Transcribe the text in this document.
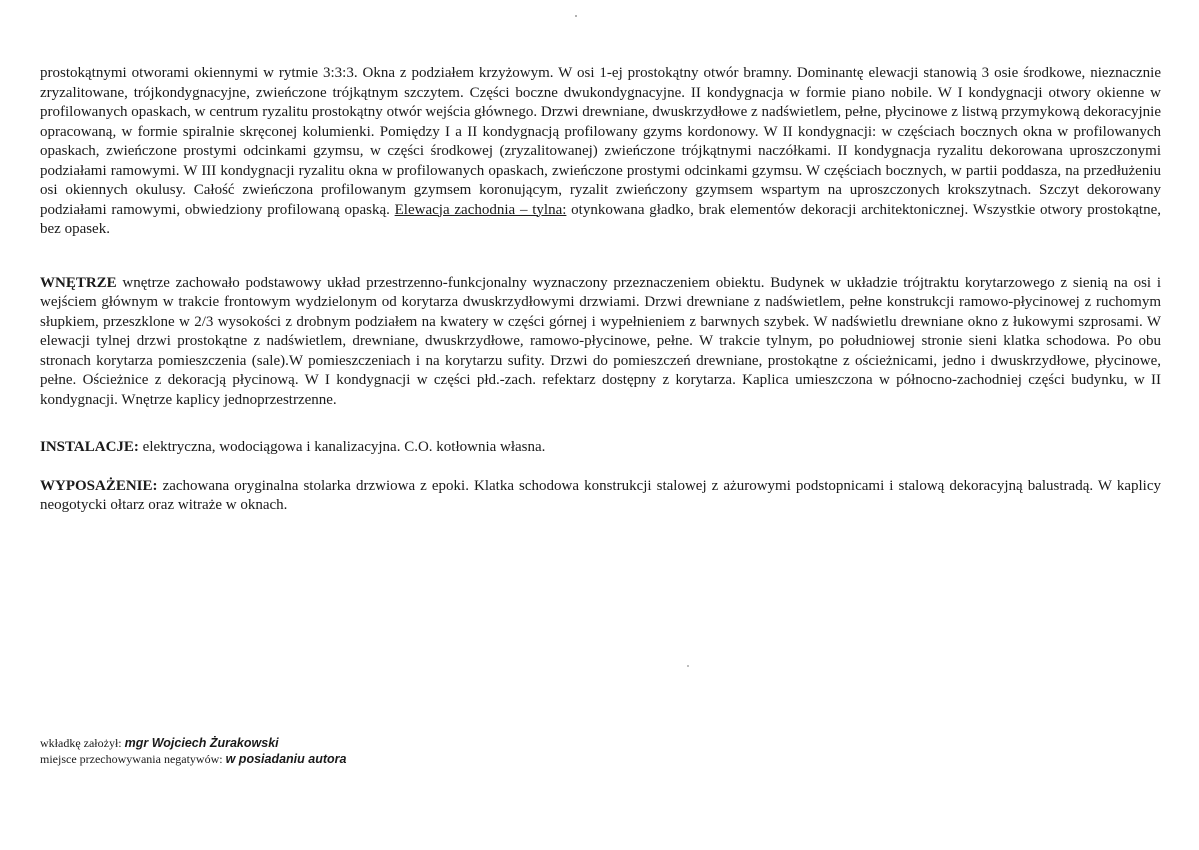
prostokątnymi otworami okiennymi w rytmie 3:3:3. Okna z podziałem krzyżowym. W osi 1-ej prostokątny otwór bramny. Dominantę elewacji stanowią 3 osie środkowe, nieznacznie zryzalitowane, trójkondygnacyjne, zwieńczone trójkątnym szczytem. Części boczne dwukondygnacyjne. II kondygnacja w formie piano nobile. W I kondygnacji otwory okienne w profilowanych opaskach, w centrum ryzalitu prostokątny otwór wejścia głównego. Drzwi drewniane, dwuskrzydłowe z nadświetlem, pełne, płycinowe z listwą przymykową dekoracyjnie opracowaną, w formie spiralnie skręconej kolumienki. Pomiędzy I a II kondygnacją profilowany gzyms kordonowy. W II kondygnacji: w częściach bocznych okna w profilowanych opaskach, zwieńczone prostymi odcinkami gzymsu, w części środkowej (zryzalitowanej) zwieńczone trójkątnymi naczółkami. II kondygnacja ryzalitu dekorowana uproszczonymi podziałami ramowymi. W III kondygnacji ryzalitu okna w profilowanych opaskach, zwieńczone prostymi odcinkami gzymsu. W częściach bocznych, w partii poddasza, na przedłużeniu osi okiennych okulusy. Całość zwieńczona profilowanym gzymsem koronującym, ryzalit zwieńczony gzymsem wspartym na uproszczonych krokszytnach. Szczyt dekorowany podziałami ramowymi, obwiedziony profilowaną opaską. Elewacja zachodnia – tylna: otynkowana gładko, brak elementów dekoracji architektonicznej. Wszystkie otwory prostokątne, bez opasek.

WNĘTRZE wnętrze zachowało podstawowy układ przestrzenno-funkcjonalny wyznaczony przeznaczeniem obiektu. Budynek w układzie trójtraktu korytarzowego z sienią na osi i wejściem głównym w trakcie frontowym wydzielonym od korytarza dwuskrzydłowymi drzwiami. Drzwi drewniane z nadświetlem, pełne konstrukcji ramowo-płycinowej z ruchomym słupkiem, przeszklone w 2/3 wysokości z drobnym podziałem na kwatery w części górnej i wypełnieniem z barwnych szybek. W nadświetlu drewniane okno z łukowymi szprosami. W elewacji tylnej drzwi prostokątne z nadświetlem, drewniane, dwuskrzydłowe, ramowo-płycinowe, pełne. W trakcie tylnym, po południowej stronie sieni klatka schodowa. Po obu stronach korytarza pomieszczenia (sale).W pomieszczeniach i na korytarzu sufity. Drzwi do pomieszczeń drewniane, prostokątne z ościeżnicami, jedno i dwuskrzydłowe, płycinowe, pełne. Ościeżnice z dekoracją płycinową. W I kondygnacji w części płd.-zach. refektarz dostępny z korytarza. Kaplica umieszczona w północno-zachodniej części budynku, w II kondygnacji. Wnętrze kaplicy jednoprzestrzenne.

INSTALACJE: elektryczna, wodociągowa i kanalizacyjna. C.O. kotłownia własna.

WYPOSAŻENIE: zachowana oryginalna stolarka drzwiowa z epoki. Klatka schodowa konstrukcji stalowej z ażurowymi podstopnicami i stalową dekoracyjną balustradą. W kaplicy neogotycki ołtarz oraz witraże w oknach.

wkładkę założył: mgr Wojciech Żurakowski
miejsce przechowywania negatywów: w posiadaniu autora
